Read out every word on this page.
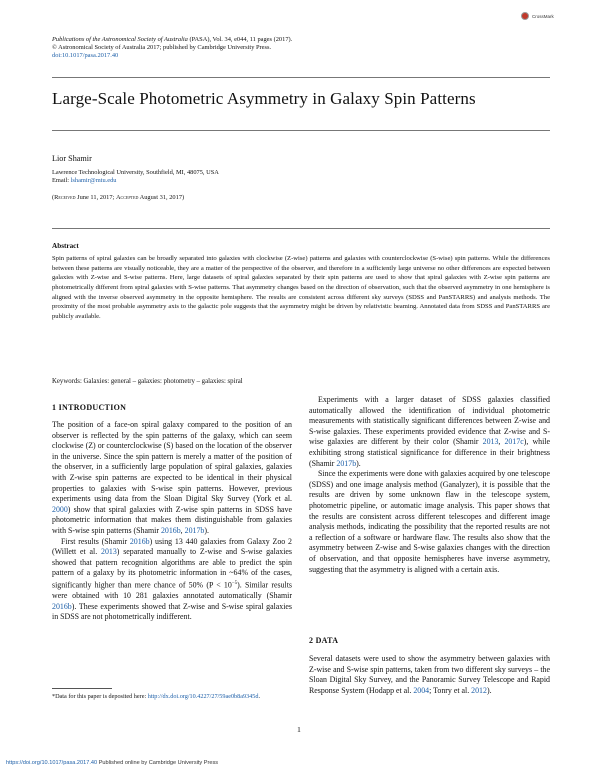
Publications of the Astronomical Society of Australia (PASA), Vol. 34, e044, 11 pages (2017).
© Astronomical Society of Australia 2017; published by Cambridge University Press.
doi:10.1017/pasa.2017.40
CrossMark
Large-Scale Photometric Asymmetry in Galaxy Spin Patterns
Lior Shamir
Lawrence Technological University, Southfield, MI, 48075, USA
Email: lshamir@mtu.edu
(Received June 11, 2017; Accepted August 31, 2017)
Abstract
Spin patterns of spiral galaxies can be broadly separated into galaxies with clockwise (Z-wise) patterns and galaxies with counterclockwise (S-wise) spin patterns. While the differences between these patterns are visually noticeable, they are a matter of the perspective of the observer, and therefore in a sufficiently large universe no other differences are expected between galaxies with Z-wise and S-wise patterns. Here, large datasets of spiral galaxies separated by their spin patterns are used to show that spiral galaxies with Z-wise spin patterns are photometrically different from spiral galaxies with S-wise patterns. That asymmetry changes based on the direction of observation, such that the observed asymmetry in one hemisphere is aligned with the inverse observed asymmetry in the opposite hemisphere. The results are consistent across different sky surveys (SDSS and PanSTARRS) and analysis methods. The proximity of the most probable asymmetry axis to the galactic pole suggests that the asymmetry might be driven by relativistic beaming. Annotated data from SDSS and PanSTARRS are publicly available.
Keywords: Galaxies: general – galaxies: photometry – galaxies: spiral
1 INTRODUCTION

The position of a face-on spiral galaxy compared to the position of an observer is reflected by the spin patterns of the galaxy, which can seem clockwise (Z) or counterclockwise (S) based on the location of the observer in the universe. Since the spin pattern is merely a matter of the position of the observer, in a sufficiently large population of spiral galaxies, galaxies with Z-wise spin patterns are expected to be identical in their physical properties to galaxies with S-wise spin patterns. However, previous experiments using data from the Sloan Digital Sky Survey (York et al. 2000) show that spiral galaxies with Z-wise spin patterns in SDSS have photometric information that makes them distinguishable from galaxies with S-wise spin patterns (Shamir 2016b, 2017b).

First results (Shamir 2016b) using 13 440 galaxies from Galaxy Zoo 2 (Willett et al. 2013) separated manually to Z-wise and S-wise galaxies showed that pattern recognition algorithms are able to predict the spin pattern of a galaxy by its photometric information in ~64% of the cases, significantly higher than mere chance of 50% $(P < 10^{-5})$. Similar results were obtained with 10 281 galaxies annotated automatically (Shamir 2016b). These experiments showed that Z-wise and S-wise spiral galaxies in SDSS are not photometrically indifferent.

Experiments with a larger dataset of SDSS galaxies classified automatically allowed the identification of individual photometric measurements with statistically significant differences between Z-wise and S-wise galaxies. These experiments provided evidence that Z-wise and S-wise galaxies are different by their color (Shamir 2013, 2017c), while exhibiting strong statistical significance for difference in their brightness (Shamir 2017b).

Since the experiments were done with galaxies acquired by one telescope (SDSS) and one image analysis method (Ganalyzer), it is possible that the results are driven by some unknown flaw in the telescope system, photometric pipeline, or automatic image analysis. This paper shows that the results are consistent across different telescopes and different image analysis methods, indicating the possibility that the reported results are not a reflection of a software or hardware flaw. The results also show that the asymmetry between Z-wise and S-wise galaxies changes with the direction of observation, and that opposite hemispheres have inverse asymmetry, suggesting that the asymmetry is aligned with a certain axis.

2 DATA

Several datasets were used to show the asymmetry between galaxies with Z-wise and S-wise spin patterns, taken from two different sky surveys – the Sloan Digital Sky Survey, and the Panoramic Survey Telescope and Rapid Response System (Hodapp et al. 2004; Tonry et al. 2012).

*Data for this paper is deposited here: http://dx.doi.org/10.4227/27/59ae0b8a9345d.
1
https://doi.org/10.1017/pasa.2017.40 Published online by Cambridge University Press
